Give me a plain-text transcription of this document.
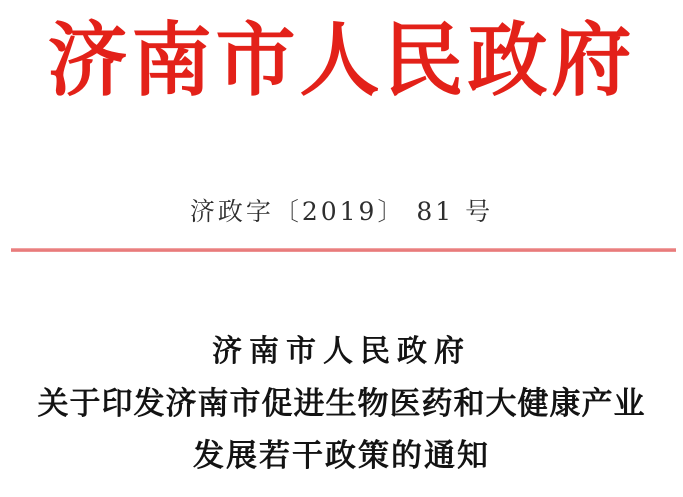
济南市人民政府
济政字〔2019〕 81 号
济南市人民政府
关于印发济南市促进生物医药和大健康产业
发展若干政策的通知
